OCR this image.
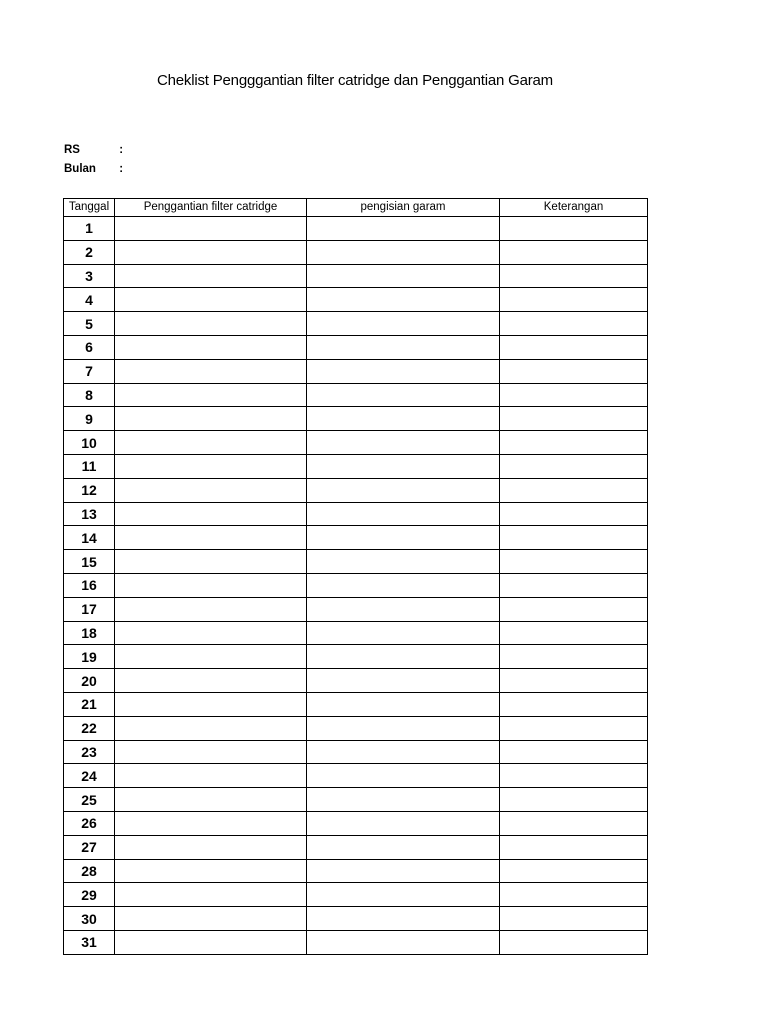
Cheklist Pengggantian filter catridge dan Penggantian Garam
RS	:
Bulan :
Tanggal	Penggantian filter catridge	pengisian garam	Keterangan
1			
2			
3			
4			
5			
6			
7			
8			
9			
10			
11			
12			
13			
14			
15			
16			
17			
18			
19			
20			
21			
22			
23			
24			
25			
26			
27			
28			
29			
30			
31			
